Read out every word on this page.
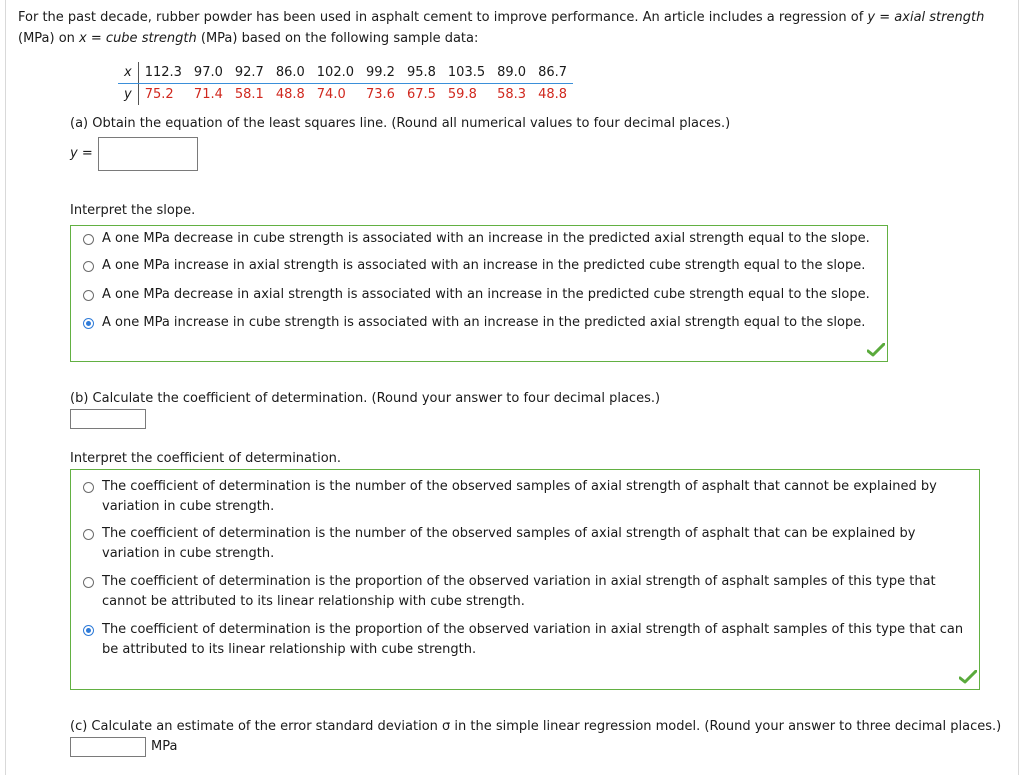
For the past decade, rubber powder has been used in asphalt cement to improve performance. An article includes a regression of y = axial strength (MPa) on x = cube strength (MPa) based on the following sample data:
x	112.3	97.0	92.7	86.0	102.0	99.2	95.8	103.5	89.0	86.7
y	75.2	71.4	58.1	48.8	74.0	73.6	67.5	59.8	58.3	48.8
(a) Obtain the equation of the least squares line. (Round all numerical values to four decimal places.)
y =
Interpret the slope.
A one MPa decrease in cube strength is associated with an increase in the predicted axial strength equal to the slope.
A one MPa increase in axial strength is associated with an increase in the predicted cube strength equal to the slope.
A one MPa decrease in axial strength is associated with an increase in the predicted cube strength equal to the slope.
A one MPa increase in cube strength is associated with an increase in the predicted axial strength equal to the slope.
(b) Calculate the coefficient of determination. (Round your answer to four decimal places.)
Interpret the coefficient of determination.
The coefficient of determination is the number of the observed samples of axial strength of asphalt that cannot be explained by variation in cube strength.
The coefficient of determination is the number of the observed samples of axial strength of asphalt that can be explained by variation in cube strength.
The coefficient of determination is the proportion of the observed variation in axial strength of asphalt samples of this type that cannot be attributed to its linear relationship with cube strength.
The coefficient of determination is the proportion of the observed variation in axial strength of asphalt samples of this type that can be attributed to its linear relationship with cube strength.
(c) Calculate an estimate of the error standard deviation σ in the simple linear regression model. (Round your answer to three decimal places.)
MPa
